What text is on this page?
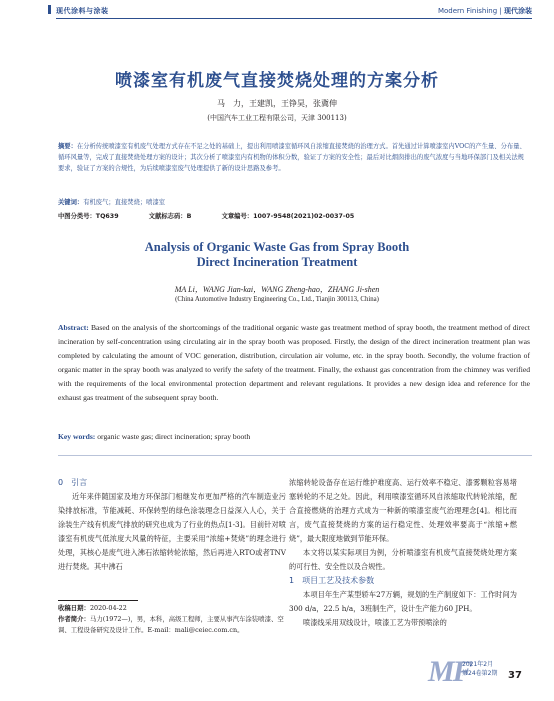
现代涂料与涂装	Modern Finishing | 现代涂装
喷漆室有机废气直接焚烧处理的方案分析
马　力，王建凯，王铮昊，张冀伸
(中国汽车工业工程有限公司，天津 300113)
摘要：在分析传统喷漆室有机废气处理方式存在不足之处的基础上，提出利用喷漆室循环风自浓缩直接焚烧的治理方式。首先通过计算喷漆室内VOC的产生量、分布量、循环风量等，完成了直接焚烧处理方案的设计；其次分析了喷漆室内有机物的体积分数，验证了方案的安全性；最后对比烟囱排出的废气浓度与当地环保部门及相关法规要求，验证了方案的合规性，为后续喷漆室废气处理提供了新的设计思路及参考。
关键词：有机废气；直接焚烧；喷漆室
中图分类号：TQ639	文献标志码：B	文章编号：1007-9548(2021)02-0037-05
Analysis of Organic Waste Gas from Spray Booth
Direct Incineration Treatment
MA Li，WANG Jian-kai，WANG Zheng-hao，ZHANG Ji-shen
(China Automotive Industry Engineering Co., Ltd., Tianjin 300113, China)
Abstract: Based on the analysis of the shortcomings of the traditional organic waste gas treatment method of spray booth, the treatment method of direct incineration by self-concentration using circulating air in the spray booth was proposed. Firstly, the design of the direct incineration treatment plan was completed by calculating the amount of VOC generation, distribution, circulation air volume, etc. in the spray booth. Secondly, the volume fraction of organic matter in the spray booth was analyzed to verify the safety of the treatment. Finally, the exhaust gas concentration from the chimney was verified with the requirements of the local environmental protection department and relevant regulations. It provides a new design idea and reference for the exhaust gas treatment of the subsequent spray booth.
Key words: organic waste gas; direct incineration; spray booth
0　引言

近年来伴随国家及地方环保部门相继发布更加严格的汽车制造业污染排放标准，节能减耗、环保转型的绿色涂装理念日益深入人心，关于涂装生产线有机废气排放的研究也成为了行业的热点[1-3]。目前针对喷漆室有机废气低浓度大风量的特征，主要采用“浓缩+焚烧”的理念进行处理，其核心是废气进入沸石浓缩转轮浓缩，然后再进入RTO或者TNV进行焚烧。其中沸石

收稿日期：2020-04-22
作者简介：马力(1972—)，男，本科，高级工程师，主要从事汽车涂装喷漆、空调、工程设备研究及设计工作。E-mail：mali@ceiec.com.cn。

浓缩转轮设备存在运行维护难度高、运行效率不稳定、漆雾颗粒容易堵塞转轮的不足之处。因此，利用喷漆室循环风自浓缩取代转轮浓缩，配合直接燃烧的治理方式成为一种新的喷漆室废气治理理念[4]。相比而言，废气直接焚烧的方案的运行稳定性、处理效率要高于“浓缩+燃烧”，最大限度地做到节能环保。

本文将以某实际项目为例，分析喷漆室有机废气直接焚烧处理方案的可行性、安全性以及合规性。

1　项目工艺及技术参数

本项目年生产某型轿车27万辆，规划的生产制度如下：工作时间为300 d/a，22.5 h/a，3班制生产，设计生产能力60 JPH。

喷漆线采用双线设计，喷漆工艺为带预喷涂的

MF
2021年2月
第24卷第2期 37
